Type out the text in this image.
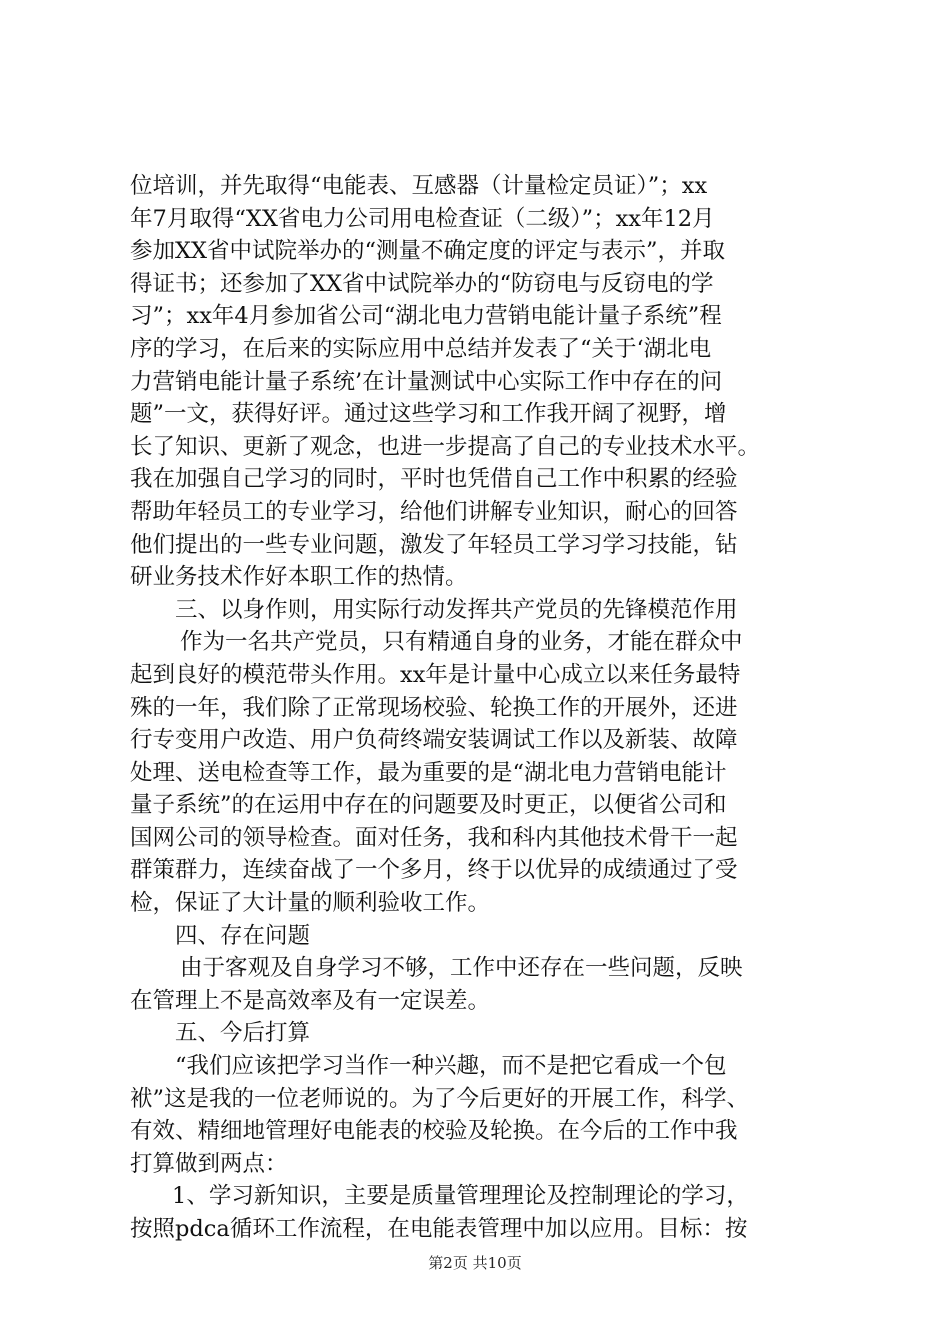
位培训，并先取得“电能表、互感器（计量检定员证）”；xx
年7月取得“XX省电力公司用电检查证（二级）”；xx年12月
参加XX省中试院举办的“测量不确定度的评定与表示”，并取
得证书；还参加了XX省中试院举办的“防窃电与反窃电的学
习”；xx年4月参加省公司“湖北电力营销电能计量子系统”程
序的学习，在后来的实际应用中总结并发表了“关于‘湖北电
力营销电能计量子系统’在计量测试中心实际工作中存在的问
题”一文，获得好评。通过这些学习和工作我开阔了视野，增
长了知识、更新了观念，也进一步提高了自己的专业技术水平。
我在加强自己学习的同时，平时也凭借自己工作中积累的经验
帮助年轻员工的专业学习，给他们讲解专业知识，耐心的回答
他们提出的一些专业问题，激发了年轻员工学习学习技能，钻
研业务技术作好本职工作的热情。
三、以身作则，用实际行动发挥共产党员的先锋模范作用
作为一名共产党员，只有精通自身的业务，才能在群众中
起到良好的模范带头作用。xx年是计量中心成立以来任务最特
殊的一年，我们除了正常现场校验、轮换工作的开展外，还进
行专变用户改造、用户负荷终端安装调试工作以及新装、故障
处理、送电检查等工作，最为重要的是“湖北电力营销电能计
量子系统”的在运用中存在的问题要及时更正，以便省公司和
国网公司的领导检查。面对任务，我和科内其他技术骨干一起
群策群力，连续奋战了一个多月，终于以优异的成绩通过了受
检，保证了大计量的顺利验收工作。
四、存在问题
由于客观及自身学习不够，工作中还存在一些问题，反映
在管理上不是高效率及有一定误差。
五、今后打算
“我们应该把学习当作一种兴趣，而不是把它看成一个包
袱”这是我的一位老师说的。为了今后更好的开展工作，科学、
有效、精细地管理好电能表的校验及轮换。在今后的工作中我
打算做到两点：
1、学习新知识，主要是质量管理理论及控制理论的学习，
按照pdca循环工作流程，在电能表管理中加以应用。目标：按
第2页 共10页
